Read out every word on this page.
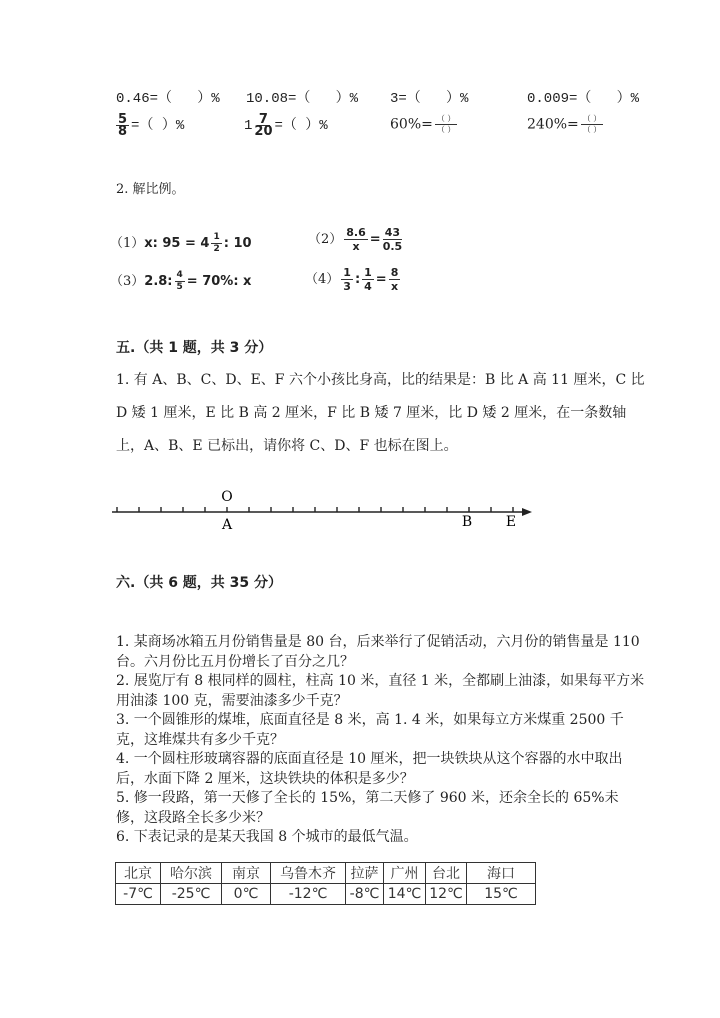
0.46=（ ）% 10.08=（ ）% 3=（ ）%	0.009=（ ）%
$\frac{5}{8}$ =（ ）%	$1 \frac{7}{20}$ =（ ）%	$60\%= \frac{( )}{( )}$	$240\%= \frac{( )}{( )}$
2. 解比例。
（1）x: $95 = 4 \frac{1}{2}$ : 10	$(2) \frac{8.6}{x} = \frac{43}{0.5}$
（3）2.8: $\frac{4}{5} = 70\%$: x	$(4) \frac{1}{3}$ : $\frac{1}{4} = \frac{8}{x}$
五.（共 1 题，共 3 分）
1. 有 A、B、C、D、E、F 六个小孩比身高，比的结果是：B 比 A 高 11 厘米，C 比 D 矮 1 厘米，E 比 B 高 2 厘米，F 比 B 矮 7 厘米，比 D 矮 2 厘米，在一条数轴上，A、B、E 已标出，请你将 C、D、F 也标在图上。
O
A	B E
六.（共 6 题，共 35 分）
1. 某商场冰箱五月份销售量是 80 台，后来举行了促销活动，六月份的销售量是 110 台。六月份比五月份增长了百分之几？
2. 展览厅有 8 根同样的圆柱，柱高 10 米，直径 1 米，全都刷上油漆，如果每平方米用油漆 100 克，需要油漆多少千克？
3. 一个圆锥形的煤堆，底面直径是 8 米，高 1. 4 米，如果每立方米煤重 2500 千克，这堆煤共有多少千克？
4. 一个圆柱形玻璃容器的底面直径是 10 厘米，把一块铁块从这个容器的水中取出后，水面下降 2 厘米，这块铁块的体积是多少？
5. 修一段路，第一天修了全长的 15%，第二天修了 960 米，还余全长的 65%未修，这段路全长多少米？
6. 下表记录的是某天我国 8 个城市的最低气温。
北京	哈尔滨	南京	乌鲁木齐	拉萨	广州	台北	海口
-7℃	-25℃	0℃	-12℃	-8℃	14℃	12℃	15℃
